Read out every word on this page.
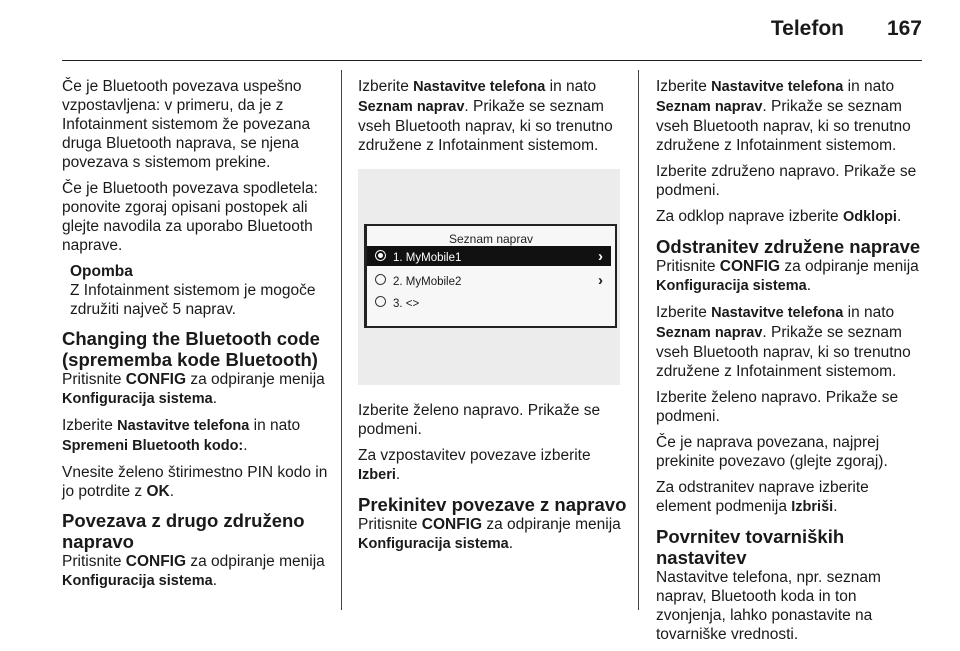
Telefon	167

Če je Bluetooth povezava uspešno vzpostavljena: v primeru, da je z Infotainment sistemom že povezana druga Bluetooth naprava, se njena povezava s sistemom prekine.

Če je Bluetooth povezava spodletela: ponovite zgoraj opisani postopek ali glejte navodila za uporabo Bluetooth naprave.

Opomba

Z Infotainment sistemom je mogoče združiti največ 5 naprav.

Changing the Bluetooth code (sprememba kode Bluetooth)

Pritisnite CONFIG za odpiranje menija Konfiguracija sistema.

Izberite Nastavitve telefona in nato Spremeni Bluetooth kodo:.

Vnesite želeno štirimestno PIN kodo in jo potrdite z OK.

Povezava z drugo združeno napravo

Pritisnite CONFIG za odpiranje menija Konfiguracija sistema.

Izberite Nastavitve telefona in nato Seznam naprav. Prikaže se seznam vseh Bluetooth naprav, ki so trenutno združene z Infotainment sistemom.

Seznam naprav
1. MyMobile1	›
2. MyMobile2	›
3. <>

Izberite želeno napravo. Prikaže se podmeni.

Za vzpostavitev povezave izberite Izberi.

Prekinitev povezave z napravo

Pritisnite CONFIG za odpiranje menija Konfiguracija sistema.

Izberite Nastavitve telefona in nato Seznam naprav. Prikaže se seznam vseh Bluetooth naprav, ki so trenutno združene z Infotainment sistemom.

Izberite združeno napravo. Prikaže se podmeni.

Za odklop naprave izberite Odklopi.

Odstranitev združene naprave

Pritisnite CONFIG za odpiranje menija Konfiguracija sistema.

Izberite Nastavitve telefona in nato Seznam naprav. Prikaže se seznam vseh Bluetooth naprav, ki so trenutno združene z Infotainment sistemom.

Izberite želeno napravo. Prikaže se podmeni.

Če je naprava povezana, najprej prekinite povezavo (glejte zgoraj).

Za odstranitev naprave izberite element podmenija Izbriši.

Povrnitev tovarniških nastavitev

Nastavitve telefona, npr. seznam naprav, Bluetooth koda in ton zvonjenja, lahko ponastavite na tovarniške vrednosti.
